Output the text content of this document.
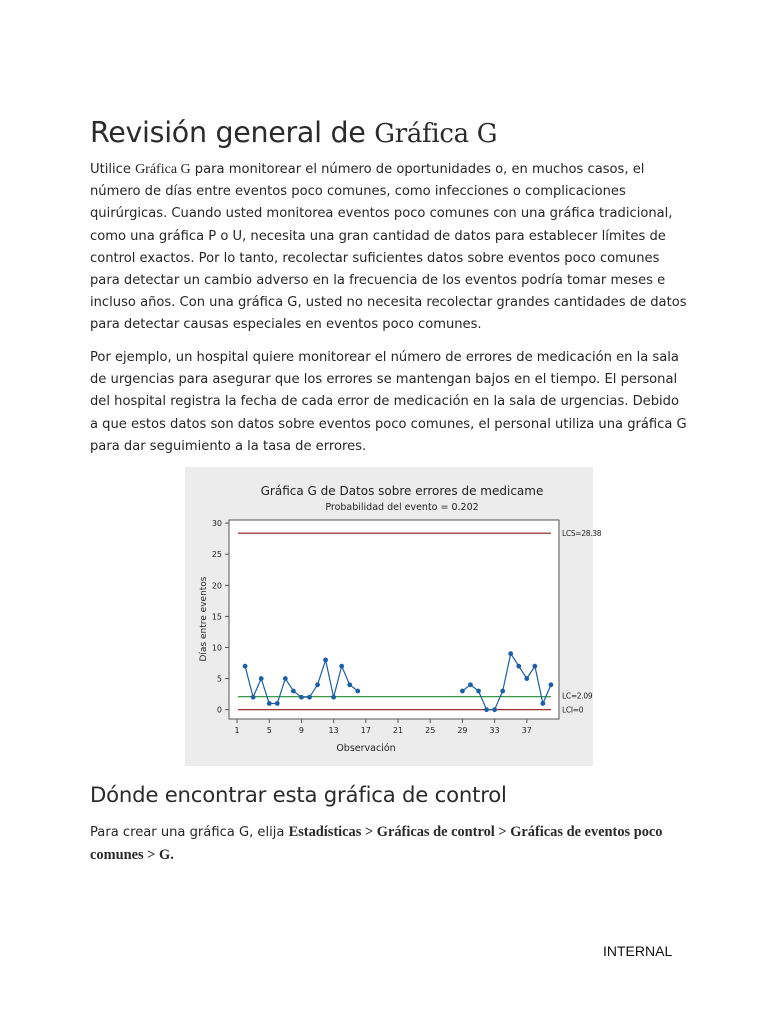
Revisión general de Gráfica G

Utilice Gráfica G para monitorear el número de oportunidades o, en muchos casos, el número de días entre eventos poco comunes, como infecciones o complicaciones quirúrgicas. Cuando usted monitorea eventos poco comunes con una gráfica tradicional, como una gráfica P o U, necesita una gran cantidad de datos para establecer límites de control exactos. Por lo tanto, recolectar suficientes datos sobre eventos poco comunes para detectar un cambio adverso en la frecuencia de los eventos podría tomar meses e incluso años. Con una gráfica G, usted no necesita recolectar grandes cantidades de datos para detectar causas especiales en eventos poco comunes.

Por ejemplo, un hospital quiere monitorear el número de errores de medicación en la sala de urgencias para asegurar que los errores se mantengan bajos en el tiempo. El personal del hospital registra la fecha de cada error de medicación en la sala de urgencias. Debido a que estos datos son datos sobre eventos poco comunes, el personal utiliza una gráfica G para dar seguimiento a la tasa de errores.

Gráfica G de Datos sobre errores de medicame
Probabilidad del evento = 0.202
0
5
10
15
20
25
30
1	5	9	13	17	21	25	29	33	37
LCS=28.38
LC=2.09
LCI=0
Observación
Días entre eventos
Dónde encontrar esta gráfica de control

Para crear una gráfica G, elija Estadísticas > Gráficas de control > Gráficas de eventos poco comunes > G.

INTERNAL
